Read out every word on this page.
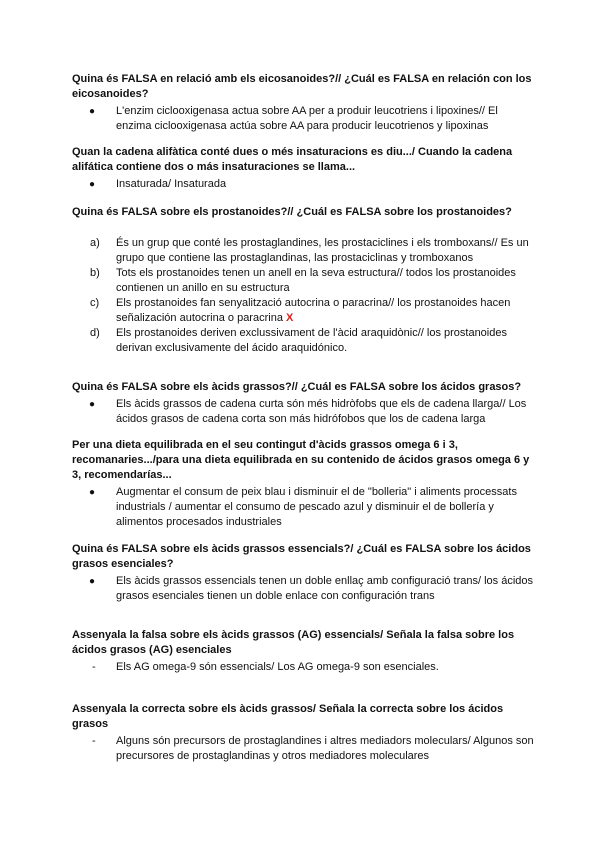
Quina és FALSA en relació amb els eicosanoides?// ¿Cuál es FALSA en relación con los eicosanoides?

● L'enzim ciclooxigenasa actua sobre AA per a produir leucotriens i lipoxines// El enzima ciclooxigenasa actúa sobre AA para producir leucotrienos y lipoxinas

Quan la cadena alifàtica conté dues o més insaturacions es diu.../ Cuando la cadena alifática contiene dos o más insaturaciones se llama...

● Insaturada/ Insaturada

Quina és FALSA sobre els prostanoides?// ¿Cuál es FALSA sobre los prostanoides?

a) És un grup que conté les prostaglandines, les prostaciclines i els tromboxans// Es un grupo que contiene las prostaglandinas, las prostaciclinas y tromboxanos
b) Tots els prostanoides tenen un anell en la seva estructura// todos los prostanoides contienen un anillo en su estructura
c) Els prostanoides fan senyalització autocrina o paracrina// los prostanoides hacen señalización autocrina o paracrina X
d) Els prostanoides deriven exclussivament de l'àcid araquidònic// los prostanoides derivan exclusivamente del ácido araquidónico.

Quina és FALSA sobre els àcids grassos?// ¿Cuál es FALSA sobre los ácidos grasos?

● Els àcids grassos de cadena curta són més hidròfobs que els de cadena llarga// Los ácidos grasos de cadena corta son más hidrófobos que los de cadena larga

Per una dieta equilibrada en el seu contingut d'àcids grassos omega 6 i 3, recomanaries.../para una dieta equilibrada en su contenido de ácidos grasos omega 6 y 3, recomendarías...

● Augmentar el consum de peix blau i disminuir el de "bolleria" i aliments processats industrials / aumentar el consumo de pescado azul y disminuir el de bollería y alimentos procesados industriales

Quina és FALSA sobre els àcids grassos essencials?/ ¿Cuál es FALSA sobre los ácidos grasos esenciales?

● Els àcids grassos essencials tenen un doble enllaç amb configuració trans/ los ácidos grasos esenciales tienen un doble enlace con configuración trans

Assenyala la falsa sobre els àcids grassos (AG) essencials/ Señala la falsa sobre los ácidos grasos (AG) esenciales

- Els AG omega-9 són essencials/ Los AG omega-9 son esenciales.

Assenyala la correcta sobre els àcids grassos/ Señala la correcta sobre los ácidos grasos

- Alguns són precursors de prostaglandines i altres mediadors moleculars/ Algunos son precursores de prostaglandinas y otros mediadores moleculares
